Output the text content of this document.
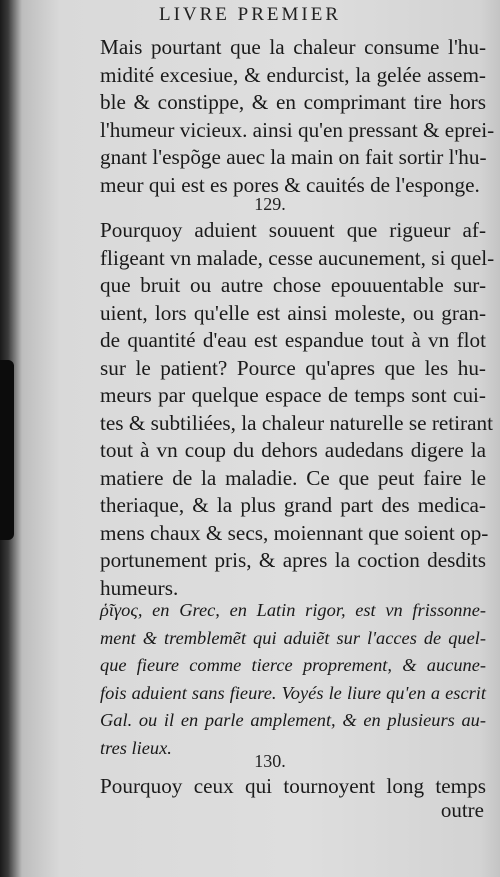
LIVRE PREMIER
Mais pourtant que la chaleur consume l'hu-
midité excesiue, & endurcist, la gelée assem-
ble & constippe, & en comprimant tire hors
l'humeur vicieux. ainsi qu'en pressant & eprei-
gnant l'espõge auec la main on fait sortir l'hu-
meur qui est es pores & cauités de l'esponge.
129.
Pourquoy aduient souuent que rigueur af-
fligeant vn malade, cesse aucunement, si quel-
que bruit ou autre chose epouuentable sur-
uient, lors qu'elle est ainsi moleste, ou gran-
de quantité d'eau est espandue tout à vn flot
sur le patient? Pource qu'apres que les hu-
meurs par quelque espace de temps sont cui-
tes & subtiliées, la chaleur naturelle se retirant
tout à vn coup du dehors audedans digere la
matiere de la maladie. Ce que peut faire le
theriaque, & la plus grand part des medica-
mens chaux & secs, moiennant que soient op-
portunement pris, & apres la coction desdits
humeurs.
ῥῖγος, en Grec, en Latin rigor, est vn frissonne-
ment & tremblemẽt qui aduiẽt sur l'acces de quel-
que fieure comme tierce proprement, & aucune-
fois aduient sans fieure. Voyés le liure qu'en a escrit
Gal. ou il en parle amplement, & en plusieurs au-
tres lieux.
130.
Pourquoy ceux qui tournoyent long temps
outre
